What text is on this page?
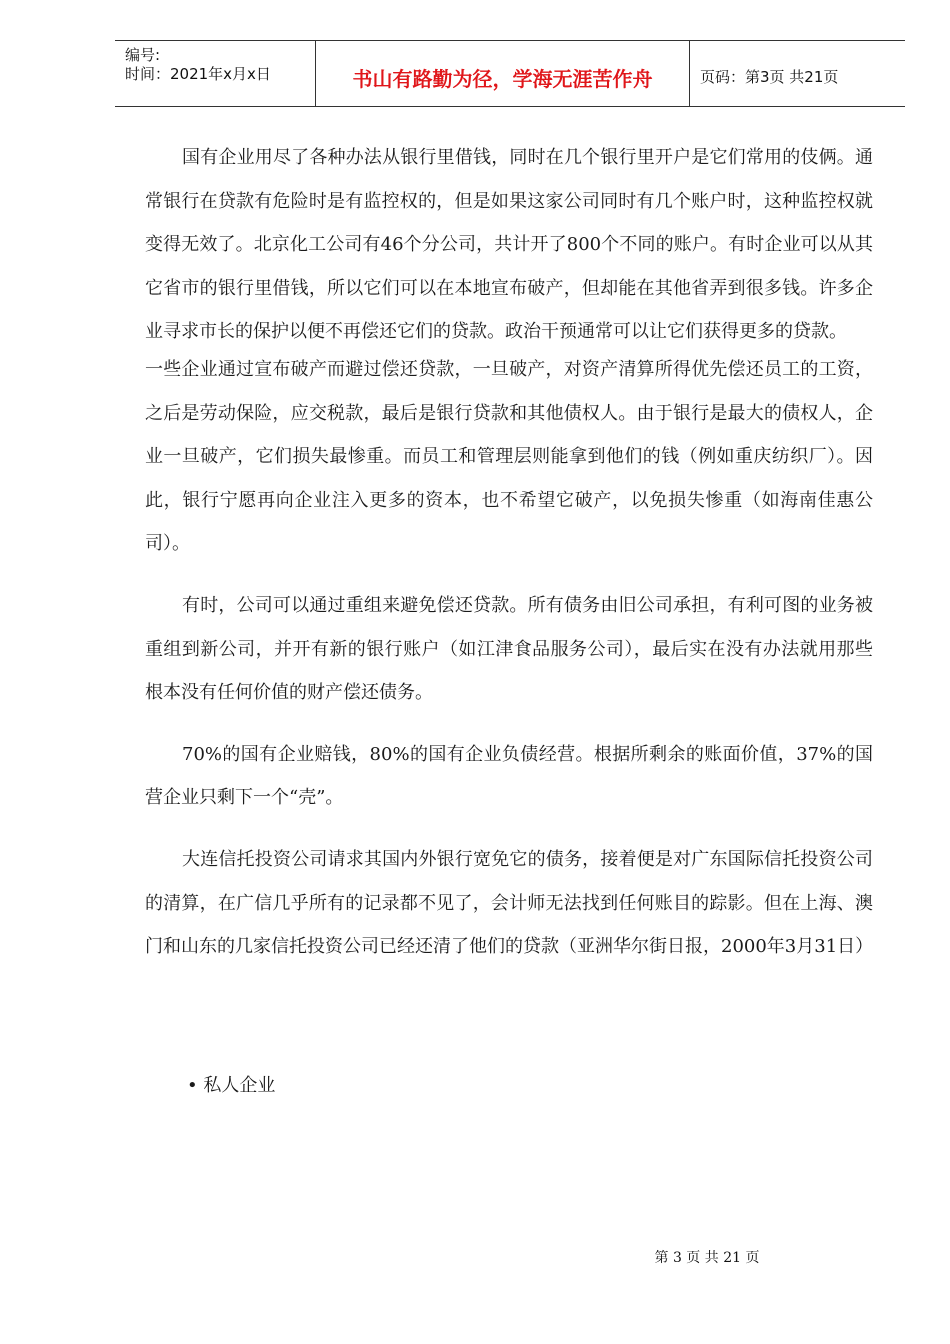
编号:
时间：2021年x月x日	书山有路勤为径，学海无涯苦作舟	页码：第3页 共21页

国有企业用尽了各种办法从银行里借钱，同时在几个银行里开户是它们常用的伎俩。通常银行在贷款有危险时是有监控权的，但是如果这家公司同时有几个账户时，这种监控权就变得无效了。北京化工公司有46个分公司，共计开了800个不同的账户。有时企业可以从其它省市的银行里借钱，所以它们可以在本地宣布破产，但却能在其他省弄到很多钱。许多企业寻求市长的保护以便不再偿还它们的贷款。政治干预通常可以让它们获得更多的贷款。

一些企业通过宣布破产而避过偿还贷款，一旦破产，对资产清算所得优先偿还员工的工资，之后是劳动保险，应交税款，最后是银行贷款和其他债权人。由于银行是最大的债权人，企业一旦破产，它们损失最惨重。而员工和管理层则能拿到他们的钱（例如重庆纺织厂）。因此，银行宁愿再向企业注入更多的资本，也不希望它破产，以免损失惨重（如海南佳惠公司）。

有时，公司可以通过重组来避免偿还贷款。所有债务由旧公司承担，有利可图的业务被重组到新公司，并开有新的银行账户（如江津食品服务公司），最后实在没有办法就用那些根本没有任何价值的财产偿还债务。

70%的国有企业赔钱，80%的国有企业负债经营。根据所剩余的账面价值，37%的国营企业只剩下一个“壳”。

大连信托投资公司请求其国内外银行宽免它的债务，接着便是对广东国际信托投资公司的清算，在广信几乎所有的记录都不见了，会计师无法找到任何账目的踪影。但在上海、澳门和山东的几家信托投资公司已经还清了他们的贷款（亚洲华尔街日报，2000年3月31日）

• 私人企业
第 3 页 共 21 页
